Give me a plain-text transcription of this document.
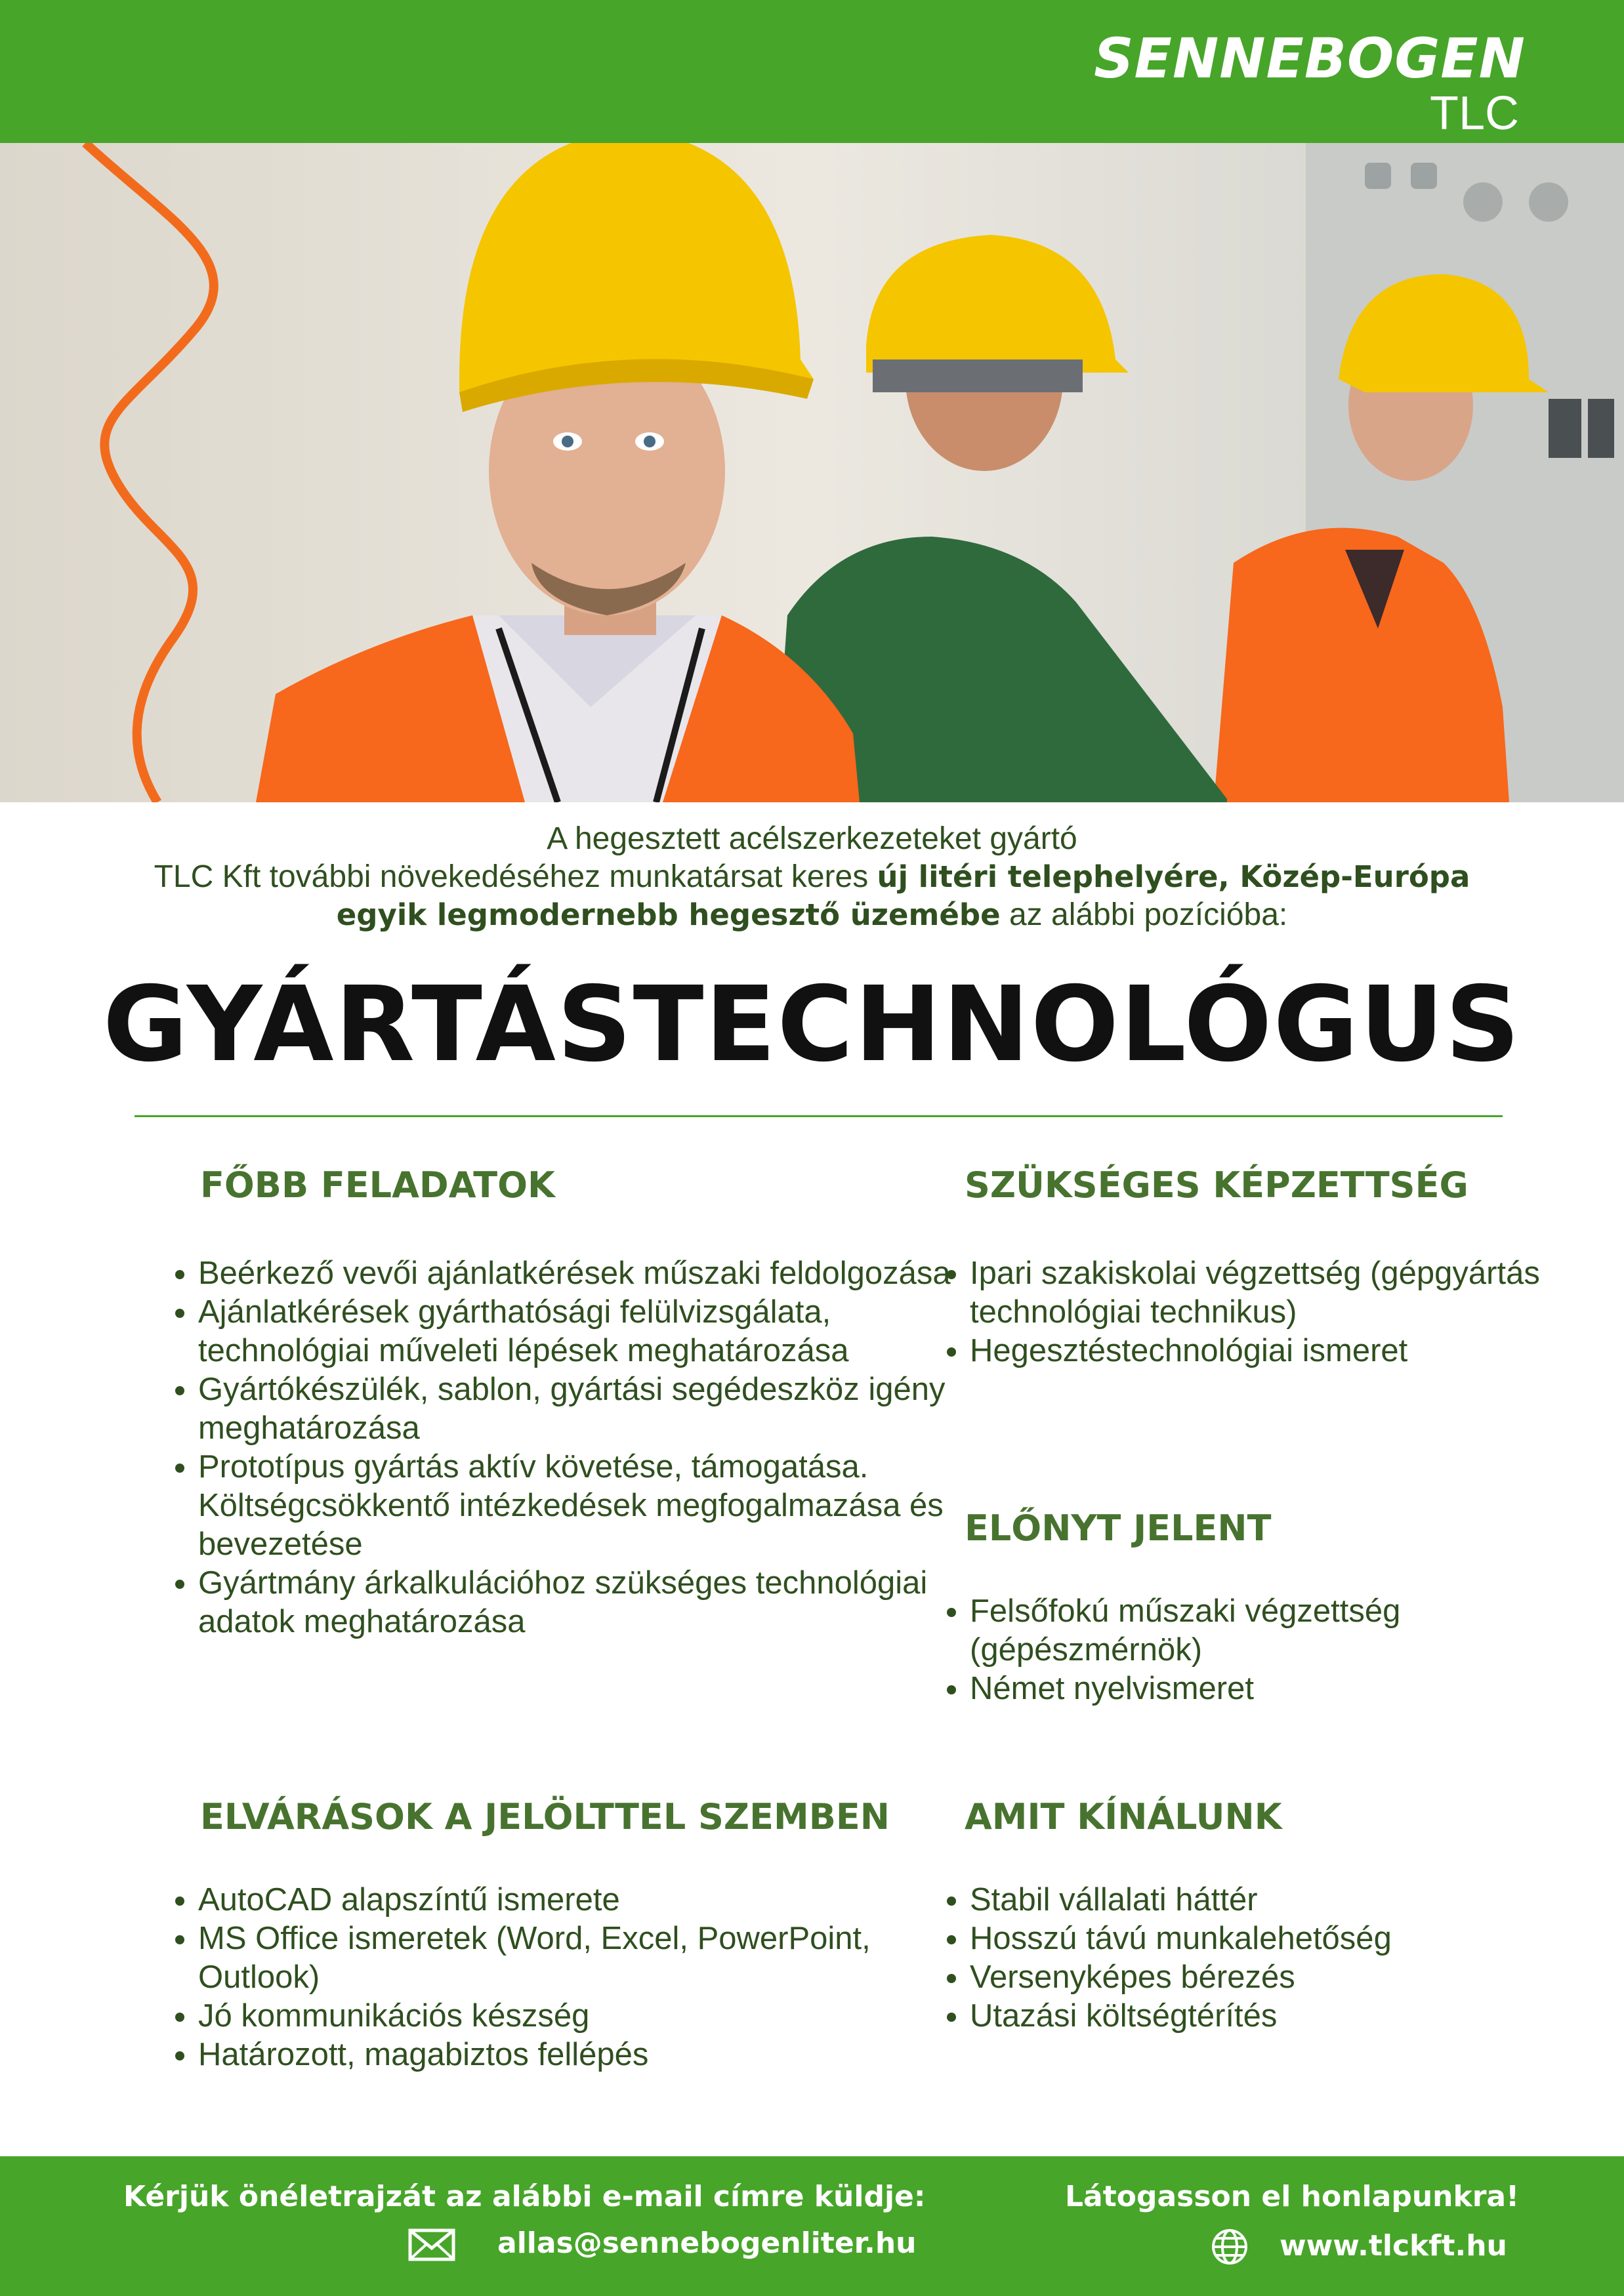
SENNEBOGEN
TLC
A hegesztett acélszerkezeteket gyártó
TLC Kft további növekedéséhez munkatársat keres új litéri telephelyére, Közép-Európa
egyik legmodernebb hegesztő üzemébe az alábbi pozícióba:
GYÁRTÁSTECHNOLÓGUS
FŐBB FELADATOK
• Beérkező vevői ajánlatkérések műszaki feldolgozása
• Ajánlatkérések gyárthatósági felülvizsgálata, technológiai műveleti lépések meghatározása
• Gyártókészülék, sablon, gyártási segédeszköz igény meghatározása
• Prototípus gyártás aktív követése, támogatása. Költségcsökkentő intézkedések megfogalmazása és bevezetése
• Gyártmány árkalkulációhoz szükséges technológiai adatok meghatározása
SZÜKSÉGES KÉPZETTSÉG
• Ipari szakiskolai végzettség (gépgyártás technológiai technikus)
• Hegesztéstechnológiai ismeret
ELŐNYT JELENT
• Felsőfokú műszaki végzettség (gépészmérnök)
• Német nyelvismeret
ELVÁRÁSOK A JELÖLTTEL SZEMBEN
• AutoCAD alapszíntű ismerete
• MS Office ismeretek (Word, Excel, PowerPoint, Outlook)
• Jó kommunikációs készség
• Határozott, magabiztos fellépés
AMIT KÍNÁLUNK
• Stabil vállalati háttér
• Hosszú távú munkalehetőség
• Versenyképes bérezés
• Utazási költségtérítés
Kérjük önéletrajzát az alábbi e-mail címre küldje:
allas@sennebogenliter.hu
Látogasson el honlapunkra!
www.tlckft.hu
